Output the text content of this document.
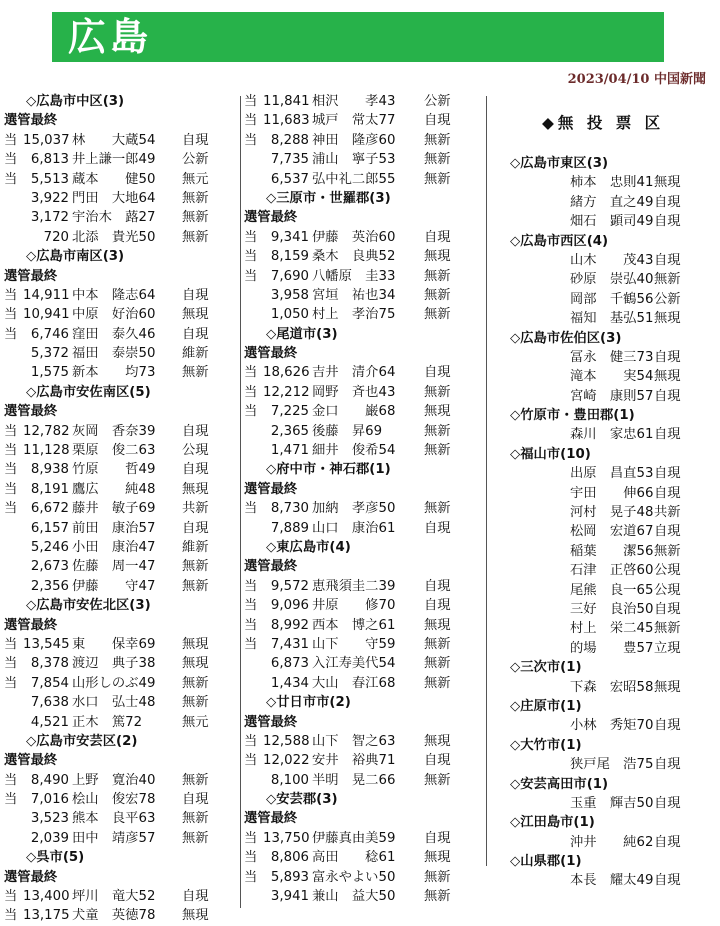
広島
2023/04/10 中国新聞
◇広島市中区(3)
選管最終
当 15,037 林　　大蔵54	自現
当	6,813 井上謙一郎49	公新
当	5,513 蔵本　　健50	無元
3,922 門田　大地64	無新
3,172 宇治木　蕗27	無新
720 北添　貴光50	無新
◇広島市南区(3)
選管最終
当 14,911 中本　隆志64	自現
当 10,941 中原　好治60	無現
当	6,746 窪田　泰久46	自現
5,372 福田　泰崇50	維新
1,575 新本　　均73	無新
◇広島市安佐南区(5)
選管最終
当 12,782 灰岡　香奈39	自現
当 11,128 栗原　俊二63	公現
当	8,938 竹原　　哲49	自現
当	8,191 鷹広　　純48	無現
当	6,672 藤井　敏子69	共新
6,157 前田　康治57	自現
5,246 小田　康治47	維新
2,673 佐藤　周一47	無新
2,356 伊藤　　守47	無新
◇広島市安佐北区(3)
選管最終
当 13,545 東　　保幸69	無現
当	8,378 渡辺　典子38	無現
当	7,854 山形しのぶ49	無新
7,638 水口　弘士48	無新
4,521 正木　篤72	無元
◇広島市安芸区(2)
選管最終
当	8,490 上野　寛治40	無新
当	7,016 桧山　俊宏78	自現
3,523 熊本　良平63	無新
2,039 田中　靖彦57	無新
◇呉市(5)
選管最終
当 13,400 坪川　竜大52	自現
当 13,175 犬童　英徳78	無現
当 11,841 相沢　　孝43	公新
当 11,683 城戸　常太77	自現
当	8,288 神田　隆彦60	無新
7,735 浦山　寧子53	無新
6,537 弘中礼二郎55	無新
◇三原市・世羅郡(3)
選管最終
当	9,341 伊藤　英治60	自現
当	8,159 桑木　良典52	無現
当	7,690 八幡原　圭33	無新
3,958 宮垣　祐也34	無新
1,050 村上　孝治75	無新
◇尾道市(3)
選管最終
当 18,626 吉井　清介64	自現
当 12,212 岡野　斉也43	無新
当	7,225 金口　　巌68	無現
2,365 後藤　昇69	無新
1,471 細井　俊希54	無新
◇府中市・神石郡(1)
選管最終
当	8,730 加納　孝彦50	無新
7,889 山口　康治61	自現
◇東広島市(4)
選管最終
当	9,572 恵飛須圭二39	自現
当	9,096 井原　　修70	自現
当	8,992 西本　博之61	無現
当	7,431 山下　　守59	無新
6,873 入江寿美代54	無新
1,434 大山　春江68	無新
◇廿日市市(2)
選管最終
当 12,588 山下　智之63	無現
当 12,022 安井　裕典71	自現
8,100 半明　晃二66	無新
◇安芸郡(3)
選管最終
当 13,750 伊藤真由美59	自現
当	8,806 高田　　稔61	無現
当	5,893 富永やよい50	無新
3,941 兼山　益大50	無新
◆無 投 票 区
◇広島市東区(3)
柿本　忠則41 無現
緒方　直之49 自現
畑石　顕司49 自現
◇広島市西区(4)
山木　　茂43 自現
砂原　崇弘40 無新
岡部　千鶴56 公新
福知　基弘51 無現
◇広島市佐伯区(3)
冨永　健三73 自現
滝本　　実54 無現
宮崎　康則57 自現
◇竹原市・豊田郡(1)
森川　家忠61 自現
◇福山市(10)
出原　昌直53 自現
宇田　　伸66 自現
河村　晃子48 共新
松岡　宏道67 自現
稲葉　　潔56 無新
石津　正啓60 公現
尾熊　良一65 公現
三好　良治50 自現
村上　栄二45 無新
的場　　豊57 立現
◇三次市(1)
下森　宏昭58 無現
◇庄原市(1)
小林　秀矩70 自現
◇大竹市(1)
狭戸尾　浩75 自現
◇安芸高田市(1)
玉重　輝吉50 自現
◇江田島市(1)
沖井　　純62 自現
◇山県郡(1)
本長　耀太49 自現
